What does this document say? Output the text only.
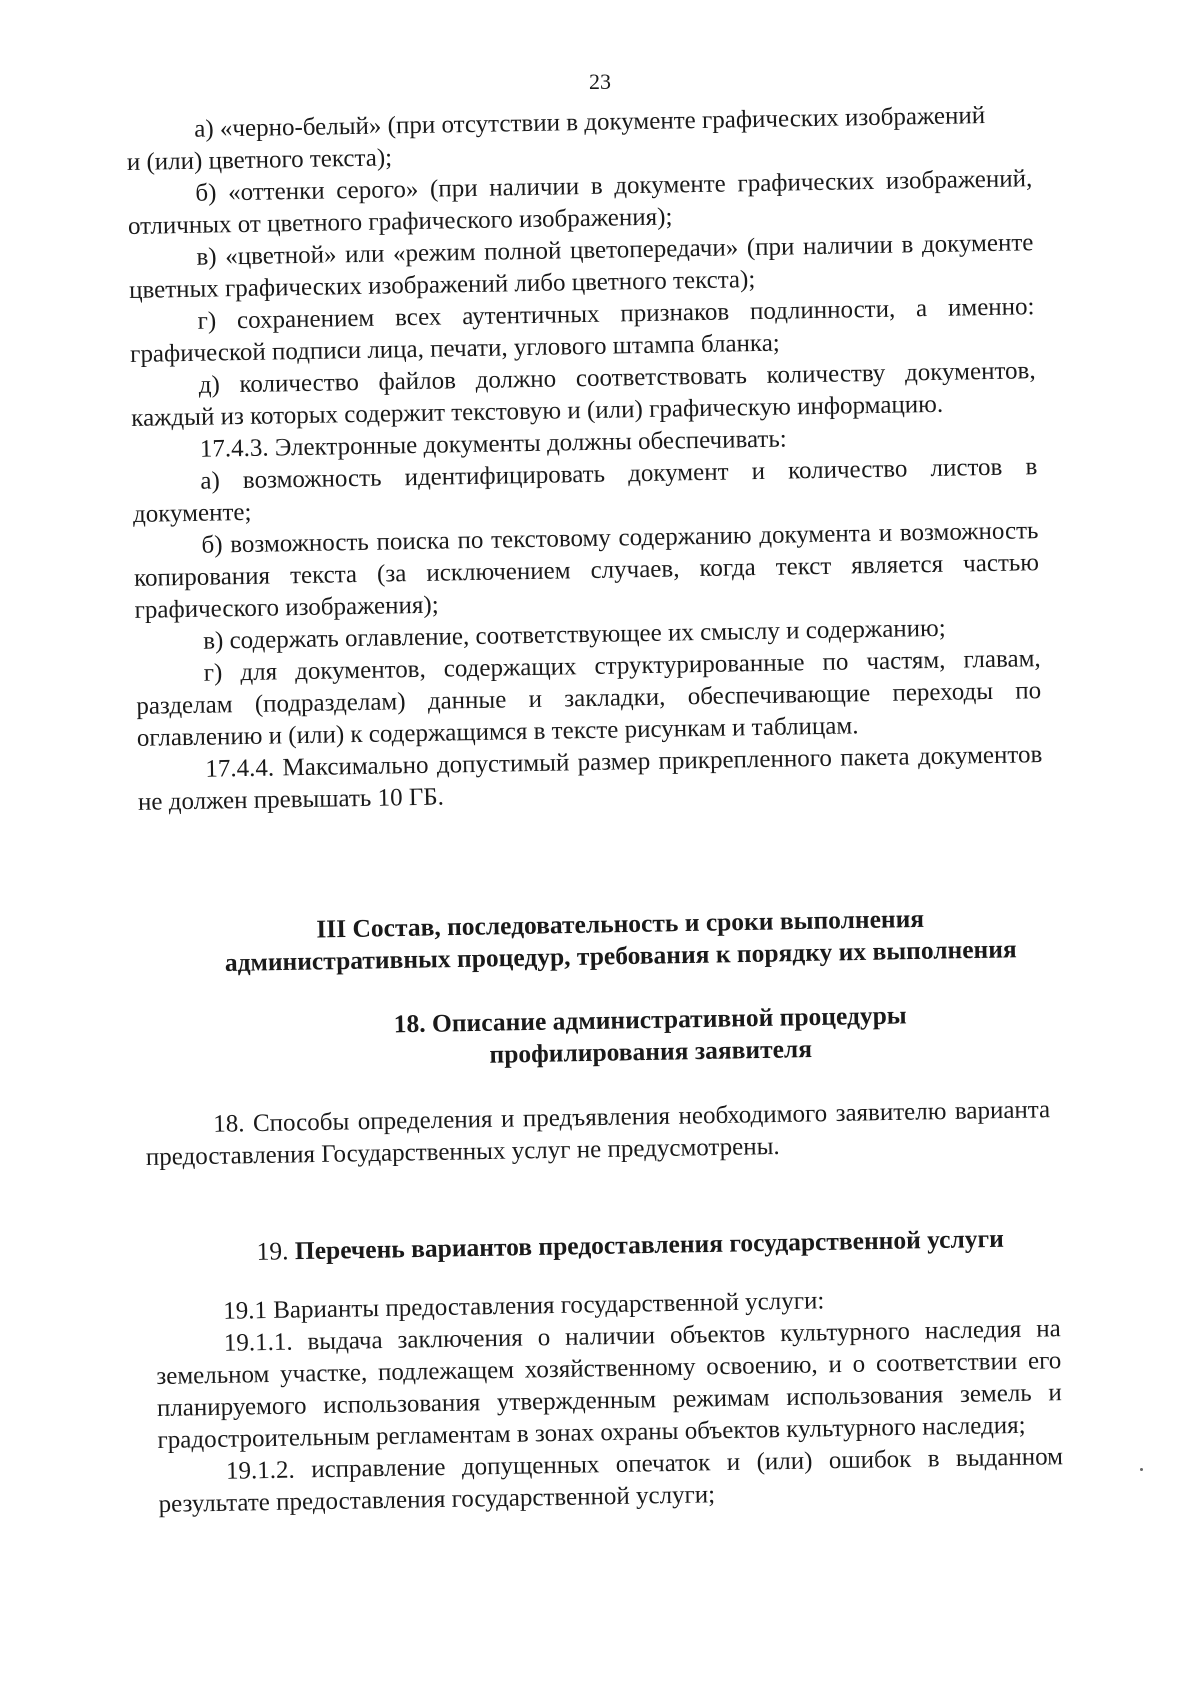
23

а) «черно-белый» (при отсутствии в документе графических изображений

и (или) цветного текста);

б) «оттенки серого» (при наличии в документе графических изображений, отличных от цветного графического изображения);

в) «цветной» или «режим полной цветопередачи» (при наличии в документе цветных графических изображений либо цветного текста);

г) сохранением всех аутентичных признаков подлинности, а именно: графической подписи лица, печати, углового штампа бланка;

д) количество файлов должно соответствовать количеству документов, каждый из которых содержит текстовую и (или) графическую информацию.

17.4.3. Электронные документы должны обеспечивать:

а) возможность идентифицировать документ и количество листов в документе;

б) возможность поиска по текстовому содержанию документа и возможность копирования текста (за исключением случаев, когда текст является частью графического изображения);

в) содержать оглавление, соответствующее их смыслу и содержанию;

г) для документов, содержащих структурированные по частям, главам, разделам (подразделам) данные и закладки, обеспечивающие переходы по оглавлению и (или) к содержащимся в тексте рисункам и таблицам.

17.4.4. Максимально допустимый размер прикрепленного пакета документов не должен превышать 10 ГБ.

III Состав, последовательность и сроки выполнения
административных процедур, требования к порядку их выполнения
18. Описание административной процедуры
профилирования заявителя

18. Способы определения и предъявления необходимого заявителю варианта предоставления Государственных услуг не предусмотрены.

19. Перечень вариантов предоставления государственной услуги

19.1 Варианты предоставления государственной услуги:

19.1.1. выдача заключения о наличии объектов культурного наследия на земельном участке, подлежащем хозяйственному освоению, и о соответствии его планируемого использования утвержденным режимам использования земель и градостроительным регламентам в зонах охраны объектов культурного наследия;

19.1.2. исправление допущенных опечаток и (или) ошибок в выданном результате предоставления государственной услуги;
